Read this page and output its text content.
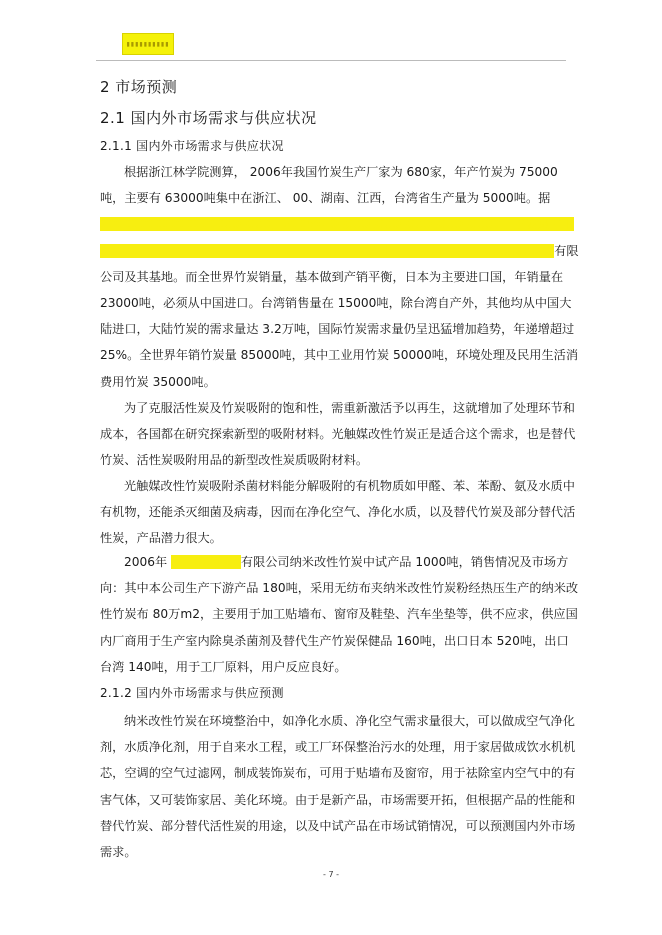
▮▮▮▮▮▮▮▮▮▮
2 市场预测
2.1 国内外市场需求与供应状况
2.1.1 国内外市场需求与供应状况

根据浙江林学院测算， 2006年我国竹炭生产厂家为 680家，年产竹炭为 75000吨，主要有 63000吨集中在浙江、 00、湖南、江西，台湾省生产量为 5000吨。据0000000000000000000000，2006年 0000000000000000000000。主要集中于 0000000000000000000，0000000 00000吨以上，主要是 00000000000000有限公司及其基地。而全世界竹炭销量，基本做到产销平衡，日本为主要进口国，年销量在 23000吨，必须从中国进口。台湾销售量在 15000吨，除台湾自产外，其他均从中国大陆进口，大陆竹炭的需求量达 3.2万吨，国际竹炭需求量仍呈迅猛增加趋势，年递增超过 25%。全世界年销竹炭量 85000吨，其中工业用竹炭 50000吨，环境处理及民用生活消费用竹炭 35000吨。

为了克服活性炭及竹炭吸附的饱和性，需重新激活予以再生，这就增加了处理环节和成本，各国都在研究探索新型的吸附材料。光触媒改性竹炭正是适合这个需求，也是替代竹炭、活性炭吸附用品的新型改性炭质吸附材料。

光触媒改性竹炭吸附杀菌材料能分解吸附的有机物质如甲醛、苯、苯酚、氨及水质中有机物，还能杀灭细菌及病毒，因而在净化空气、净化水质，以及替代竹炭及部分替代活性炭，产品潜力很大。

2006年 000000000有限公司纳米改性竹炭中试产品 1000吨，销售情况及市场方向：其中本公司生产下游产品 180吨，采用无纺布夹纳米改性竹炭粉经热压生产的纳米改性竹炭布 80万m2，主要用于加工贴墙布、窗帘及鞋垫、汽车坐垫等，供不应求，供应国内厂商用于生产室内除臭杀菌剂及替代生产竹炭保健品 160吨，出口日本 520吨，出口台湾 140吨，用于工厂原料，用户反应良好。

2.1.2 国内外市场需求与供应预测

纳米改性竹炭在环境整治中，如净化水质、净化空气需求量很大，可以做成空气净化剂，水质净化剂，用于自来水工程，或工厂环保整治污水的处理，用于家居做成饮水机机芯，空调的空气过滤网，制成装饰炭布，可用于贴墙布及窗帘，用于祛除室内空气中的有害气体，又可装饰家居、美化环境。由于是新产品，市场需要开拓，但根据产品的性能和替代竹炭、部分替代活性炭的用途，以及中试产品在市场试销情况，可以预测国内外市场需求。

- 7 -
